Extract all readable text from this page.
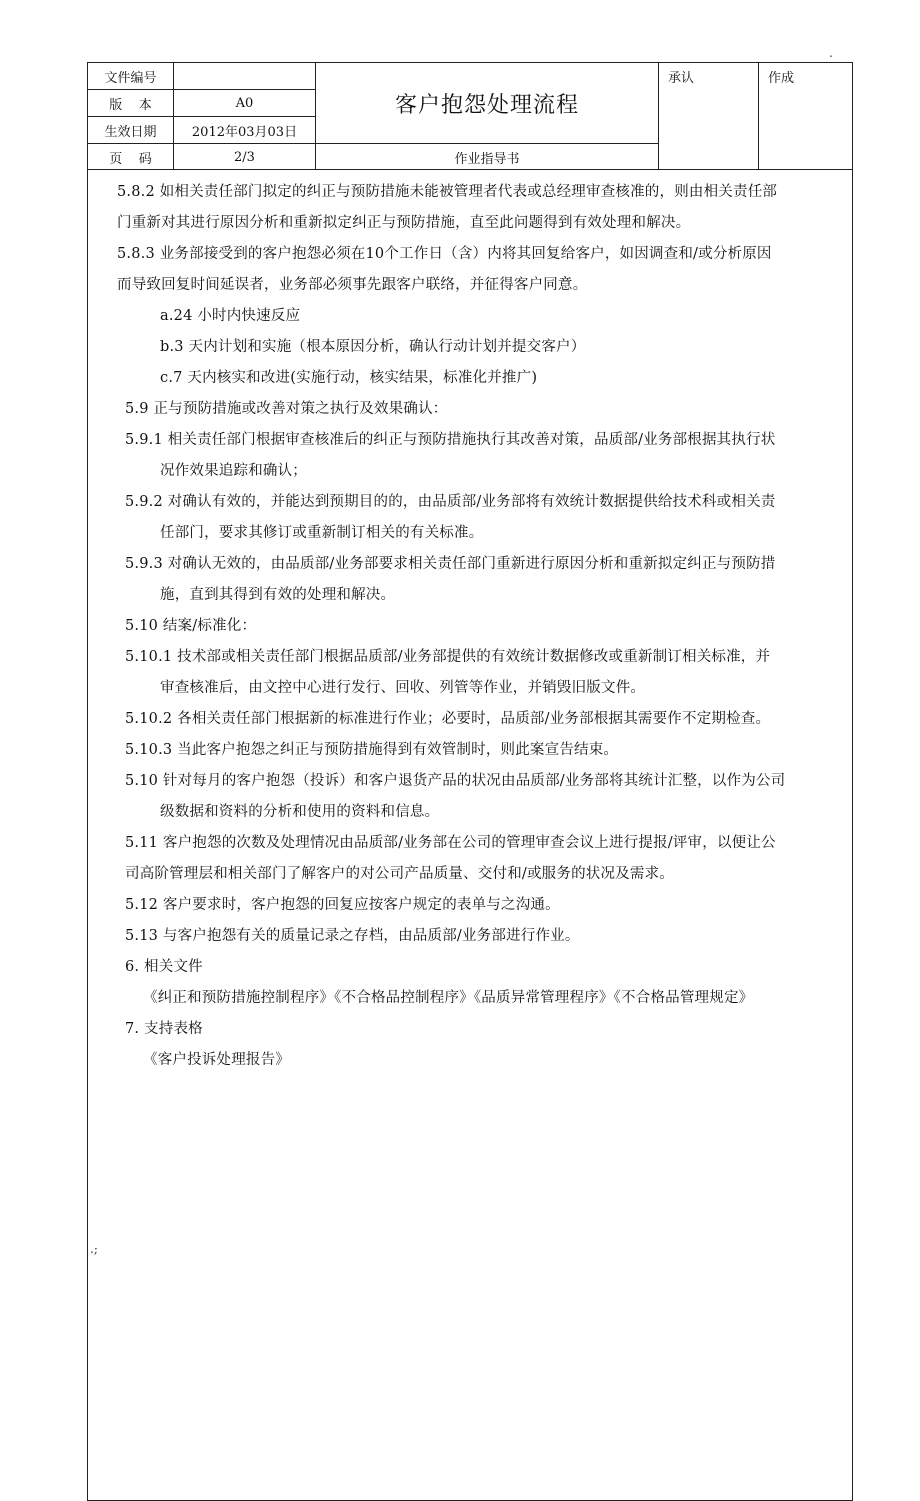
.
文件编号
版    本	A0
生效日期	2012年03月03日
页    码	2/3
客户抱怨处理流程
作业指导书
承认	作成
5.8.2 如相关责任部门拟定的纠正与预防措施未能被管理者代表或总经理审查核准的，则由相关责任部
门重新对其进行原因分析和重新拟定纠正与预防措施，直至此问题得到有效处理和解决。
5.8.3 业务部接受到的客户抱怨必须在10个工作日（含）内将其回复给客户，如因调查和/或分析原因
而导致回复时间延误者，业务部必须事先跟客户联络，并征得客户同意。
a.24 小时内快速反应
b.3 天内计划和实施（根本原因分析，确认行动计划并提交客户）
c.7 天内核实和改进(实施行动，核实结果，标准化并推广)
5.9 正与预防措施或改善对策之执行及效果确认：
5.9.1 相关责任部门根据审查核准后的纠正与预防措施执行其改善对策，品质部/业务部根据其执行状
况作效果追踪和确认；
5.9.2 对确认有效的，并能达到预期目的的，由品质部/业务部将有效统计数据提供给技术科或相关责
任部门，要求其修订或重新制订相关的有关标准。
5.9.3 对确认无效的，由品质部/业务部要求相关责任部门重新进行原因分析和重新拟定纠正与预防措
施，直到其得到有效的处理和解决。
5.10 结案/标准化：
5.10.1 技术部或相关责任部门根据品质部/业务部提供的有效统计数据修改或重新制订相关标准，并
审查核准后，由文控中心进行发行、回收、列管等作业，并销毁旧版文件。
5.10.2 各相关责任部门根据新的标准进行作业；必要时，品质部/业务部根据其需要作不定期检查。
5.10.3 当此客户抱怨之纠正与预防措施得到有效管制时，则此案宣告结束。
5.10 针对每月的客户抱怨（投诉）和客户退货产品的状况由品质部/业务部将其统计汇整，以作为公司
级数据和资料的分析和使用的资料和信息。
5.11 客户抱怨的次数及处理情况由品质部/业务部在公司的管理审查会议上进行提报/评审，以便让公
司高阶管理层和相关部门了解客户的对公司产品质量、交付和/或服务的状况及需求。
5.12 客户要求时，客户抱怨的回复应按客户规定的表单与之沟通。
5.13 与客户抱怨有关的质量记录之存档，由品质部/业务部进行作业。
6. 相关文件
《纠正和预防措施控制程序》《不合格品控制程序》《品质异常管理程序》《不合格品管理规定》
7. 支持表格
《客户投诉处理报告》
.;
